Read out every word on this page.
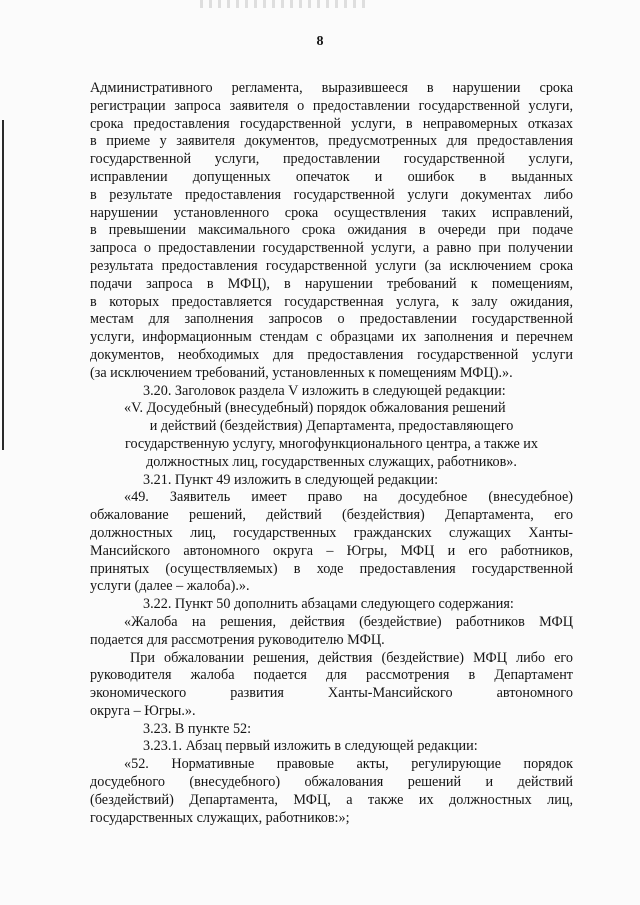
8
Административного регламента, выразившееся в нарушении срока
регистрации запроса заявителя о предоставлении государственной услуги,
срока предоставления государственной услуги, в неправомерных отказах
в приеме у заявителя документов, предусмотренных для предоставления
государственной услуги, предоставлении государственной услуги,
исправлении допущенных опечаток и ошибок в выданных
в результате предоставления государственной услуги документах либо
нарушении установленного срока осуществления таких исправлений,
в превышении максимального срока ожидания в очереди при подаче
запроса о предоставлении государственной услуги, а равно при получении
результата предоставления государственной услуги (за исключением срока
подачи запроса в МФЦ), в нарушении требований к помещениям,
в которых предоставляется государственная услуга, к залу ожидания,
местам для заполнения запросов о предоставлении государственной
услуги, информационным стендам с образцами их заполнения и перечнем
документов, необходимых для предоставления государственной услуги
(за исключением требований, установленных к помещениям МФЦ).».
3.20. Заголовок раздела V изложить в следующей редакции:
«V. Досудебный (внесудебный) порядок обжалования решений
и действий (бездействия) Департамента, предоставляющего
государственную услугу, многофункционального центра, а также их
должностных лиц, государственных служащих, работников».
3.21. Пункт 49 изложить в следующей редакции:
«49. Заявитель имеет право на досудебное (внесудебное)
обжалование решений, действий (бездействия) Департамента, его
должностных лиц, государственных гражданских служащих Ханты-
Мансийского автономного округа – Югры, МФЦ и его работников,
принятых (осуществляемых) в ходе предоставления государственной
услуги (далее – жалоба).».
3.22. Пункт 50 дополнить абзацами следующего содержания:
«Жалоба на решения, действия (бездействие) работников МФЦ
подается для рассмотрения руководителю МФЦ.
При обжаловании решения, действия (бездействие) МФЦ либо его
руководителя жалоба подается для рассмотрения в Департамент
экономического развития Ханты-Мансийского автономного
округа – Югры.».
3.23. В пункте 52:
3.23.1. Абзац первый изложить в следующей редакции:
«52. Нормативные правовые акты, регулирующие порядок
досудебного (внесудебного) обжалования решений и действий
(бездействий) Департамента, МФЦ, а также их должностных лиц,
государственных служащих, работников:»;
